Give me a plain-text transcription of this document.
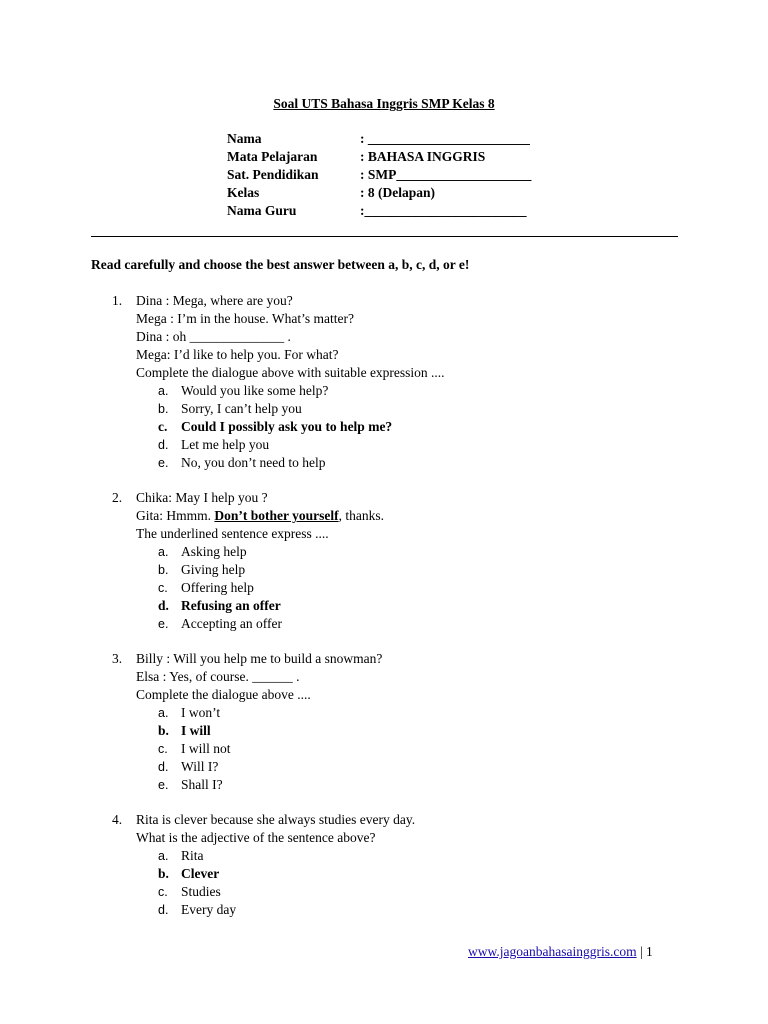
Soal UTS Bahasa Inggris SMP Kelas 8
Nama	: ________________________
Mata Pelajaran	: BAHASA INGGRIS
Sat. Pendidikan	: SMP____________________
Kelas	: 8 (Delapan)
Nama Guru	:________________________
Read carefully and choose the best answer between a, b, c, d, or e!
1. Dina : Mega, where are you?
Mega : I’m in the house. What’s matter?
Dina : oh ______________ .
Mega: I’d like to help you. For what?
Complete the dialogue above with suitable expression ....
a. Would you like some help?
b. Sorry, I can’t help you
c. Could I possibly ask you to help me?
d. Let me help you
e. No, you don’t need to help
2. Chika: May I help you ?
Gita: Hmmm. Don’t bother yourself, thanks.
The underlined sentence express ....
a. Asking help
b. Giving help
c. Offering help
d. Refusing an offer
e. Accepting an offer
3. Billy : Will you help me to build a snowman?
Elsa : Yes, of course. ______ .
Complete the dialogue above ....
a. I won’t
b. I will
c. I will not
d. Will I?
e. Shall I?
4. Rita is clever because she always studies every day.
What is the adjective of the sentence above?
a. Rita
b. Clever
c. Studies
d. Every day
www.jagoanbahasainggris.com | 1
